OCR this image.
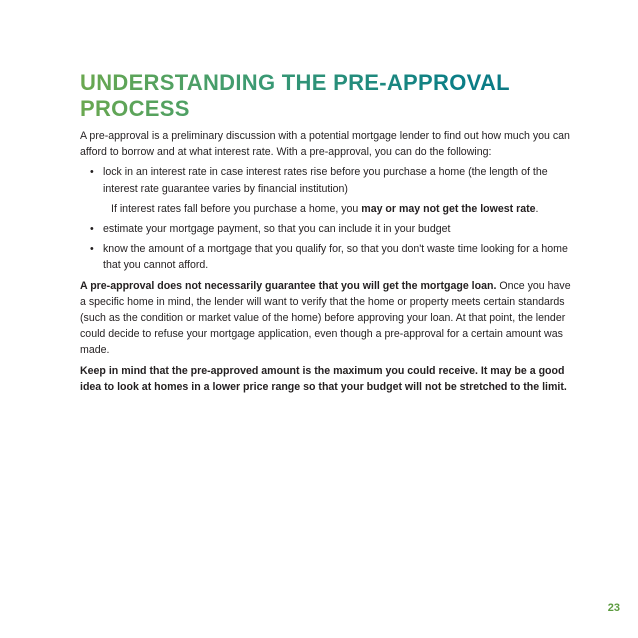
UNDERSTANDING THE PRE-APPROVAL
PROCESS

A pre-approval is a preliminary discussion with a potential mortgage lender to find out how much you can afford to borrow and at what interest rate. With a pre-approval, you can do the following:

• lock in an interest rate in case interest rates rise before you purchase a home (the length of the interest rate guarantee varies by financial institution)

If interest rates fall before you purchase a home, you may or may not get the lowest rate.

• estimate your mortgage payment, so that you can include it in your budget
• know the amount of a mortgage that you qualify for, so that you don't waste time looking for a home that you cannot afford.

A pre-approval does not necessarily guarantee that you will get the mortgage loan. Once you have a specific home in mind, the lender will want to verify that the home or property meets certain standards (such as the condition or market value of the home) before approving your loan. At that point, the lender could decide to refuse your mortgage application, even though a pre-approval for a certain amount was made.

Keep in mind that the pre-approved amount is the maximum you could receive. It may be a good idea to look at homes in a lower price range so that your budget will not be stretched to the limit.

23
